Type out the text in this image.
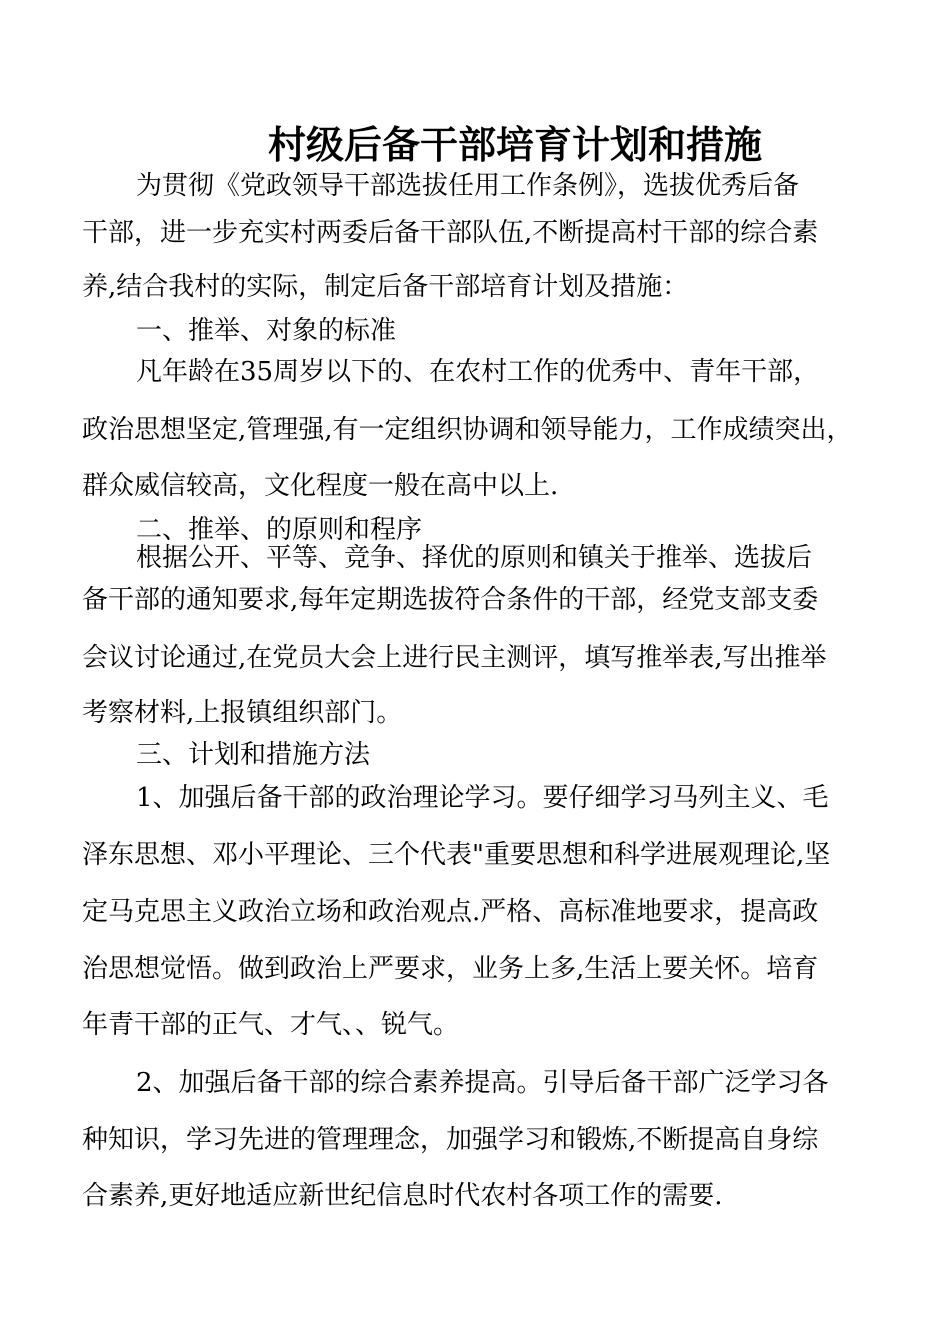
村级后备干部培育计划和措施
为贯彻《党政领导干部选拔任用工作条例》，选拔优秀后备
干部，进一步充实村两委后备干部队伍,不断提高村干部的综合素
养,结合我村的实际，制定后备干部培育计划及措施：
一、推举、对象的标准
凡年龄在35周岁以下的、在农村工作的优秀中、青年干部，
政治思想坚定,管理强,有一定组织协调和领导能力，工作成绩突出，
群众威信较高，文化程度一般在高中以上.
二、推举、的原则和程序
根据公开、平等、竞争、择优的原则和镇关于推举、选拔后
备干部的通知要求,每年定期选拔符合条件的干部，经党支部支委
会议讨论通过,在党员大会上进行民主测评，填写推举表,写出推举
考察材料,上报镇组织部门。
三、计划和措施方法
1、加强后备干部的政治理论学习。要仔细学习马列主义、毛
泽东思想、邓小平理论、三个代表"重要思想和科学进展观理论,坚
定马克思主义政治立场和政治观点.严格、高标准地要求，提高政
治思想觉悟。做到政治上严要求，业务上多,生活上要关怀。培育
年青干部的正气、才气、、锐气。
2、加强后备干部的综合素养提高。引导后备干部广泛学习各
种知识，学习先进的管理理念，加强学习和锻炼,不断提高自身综
合素养,更好地适应新世纪信息时代农村各项工作的需要.
